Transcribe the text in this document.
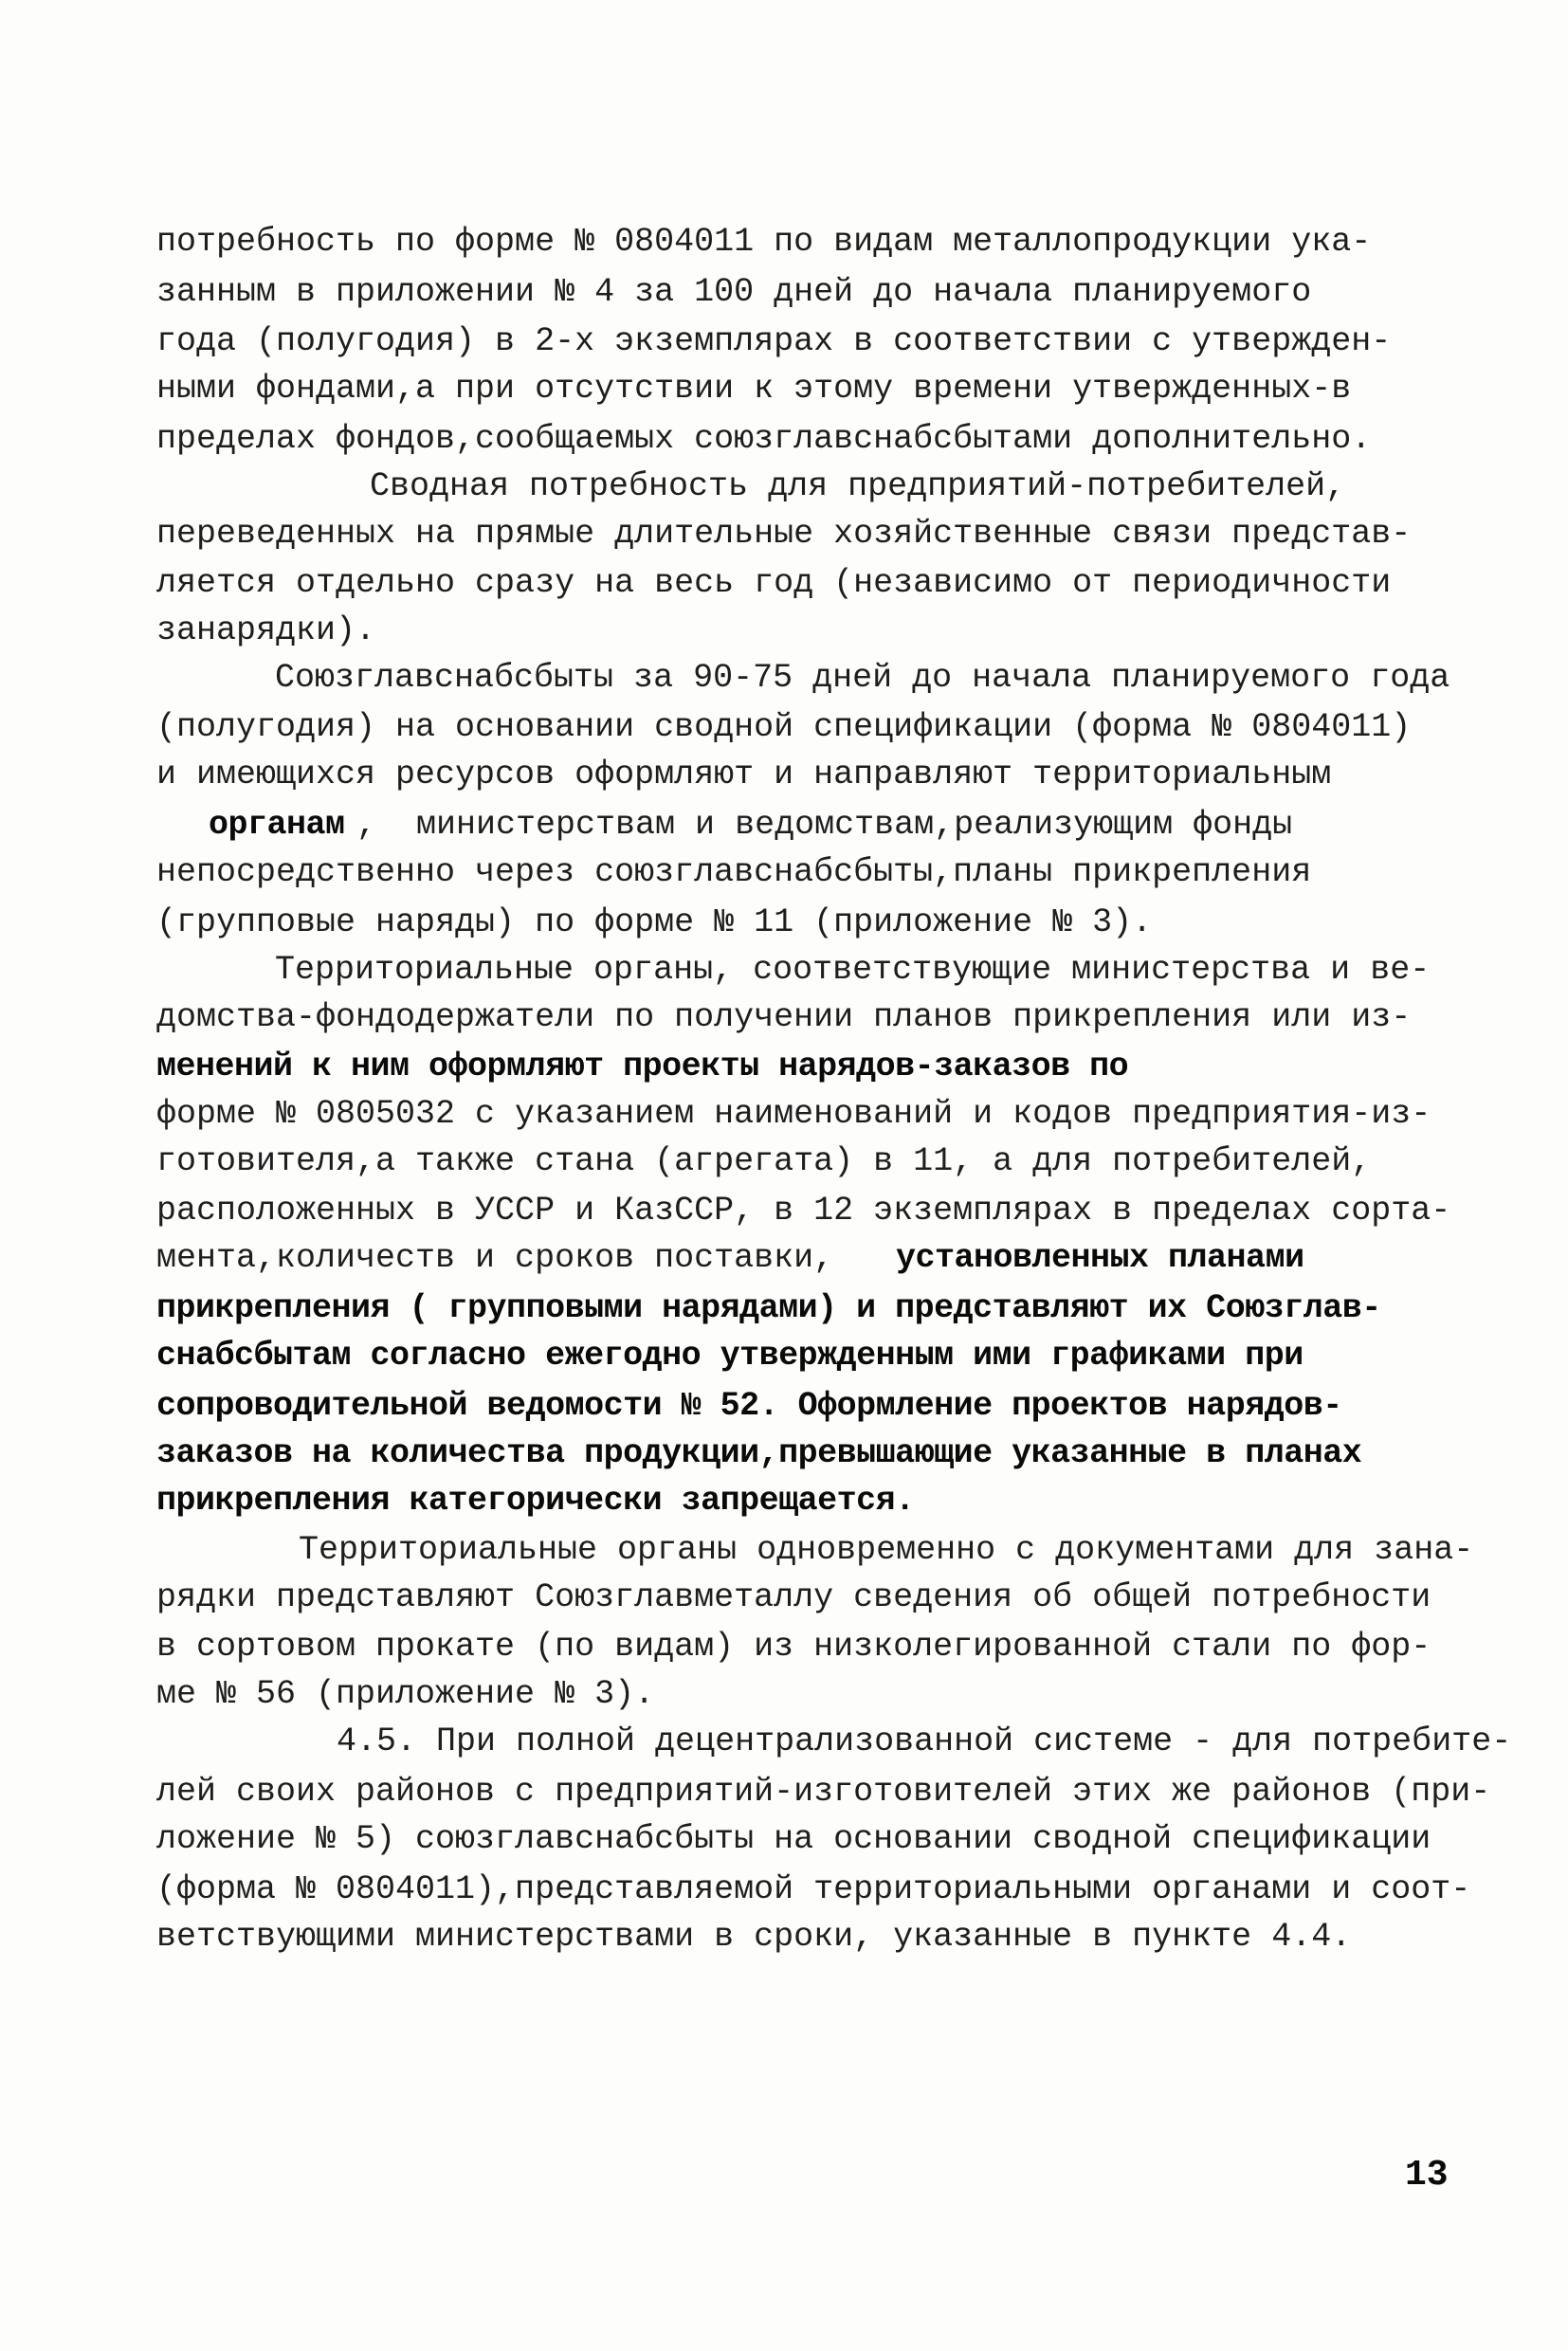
потребность по форме № 0804011 по видам металлопродукции ука-
занным в приложении № 4 за 100 дней до начала планируемого
года (полугодия) в 2-х экземплярах в соответствии с утвержден-
ными фондами,а при отсутствии к этому времени утвержденных-в
пределах фондов,сообщаемых союзглавснабсбытами дополнительно.
Сводная потребность для предприятий-потребителей,
переведенных на прямые длительные хозяйственные связи представ-
ляется отдельно сразу на весь год (независимо от периодичности
занарядки).
Союзглавснабсбыты за 90-75 дней до начала планируемого года
(полугодия) на основании сводной спецификации (форма № 0804011)
и имеющихся ресурсов оформляют и направляют территориальным
органам ,  министерствам и ведомствам,реализующим фонды
непосредственно через союзглавснабсбыты,планы прикрепления
(групповые наряды) по форме № 11 (приложение № 3).
Территориальные органы, соответствующие министерства и ве-
домства-фондодержатели по получении планов прикрепления или из-
менений к ним оформляют проекты нарядов-заказов по
форме № 0805032 с указанием наименований и кодов предприятия-из-
готовителя,а также стана (агрегата) в 11, а для потребителей,
расположенных в УССР и КазССР, в 12 экземплярах в пределах сорта-
мента,количеств и сроков поставки, установленных планами
прикрепления ( групповыми нарядами) и представляют их Союзглав-
снабсбытам согласно ежегодно утвержденным ими графиками при
сопроводительной ведомости № 52. Оформление проектов нарядов-
заказов на количества продукции,превышающие указанные в планах
прикрепления категорически запрещается.
Территориальные органы одновременно с документами для зана-
рядки представляют Союзглавметаллу сведения об общей потребности
в сортовом прокате (по видам) из низколегированной стали по фор-
ме № 56 (приложение № 3).
4.5. При полной децентрализованной системе - для потребите-
лей своих районов с предприятий-изготовителей этих же районов (при-
ложение № 5) союзглавснабсбыты на основании сводной спецификации
(форма № 0804011),представляемой территориальными органами и соот-
ветствующими министерствами в сроки, указанные в пункте 4.4.
13
